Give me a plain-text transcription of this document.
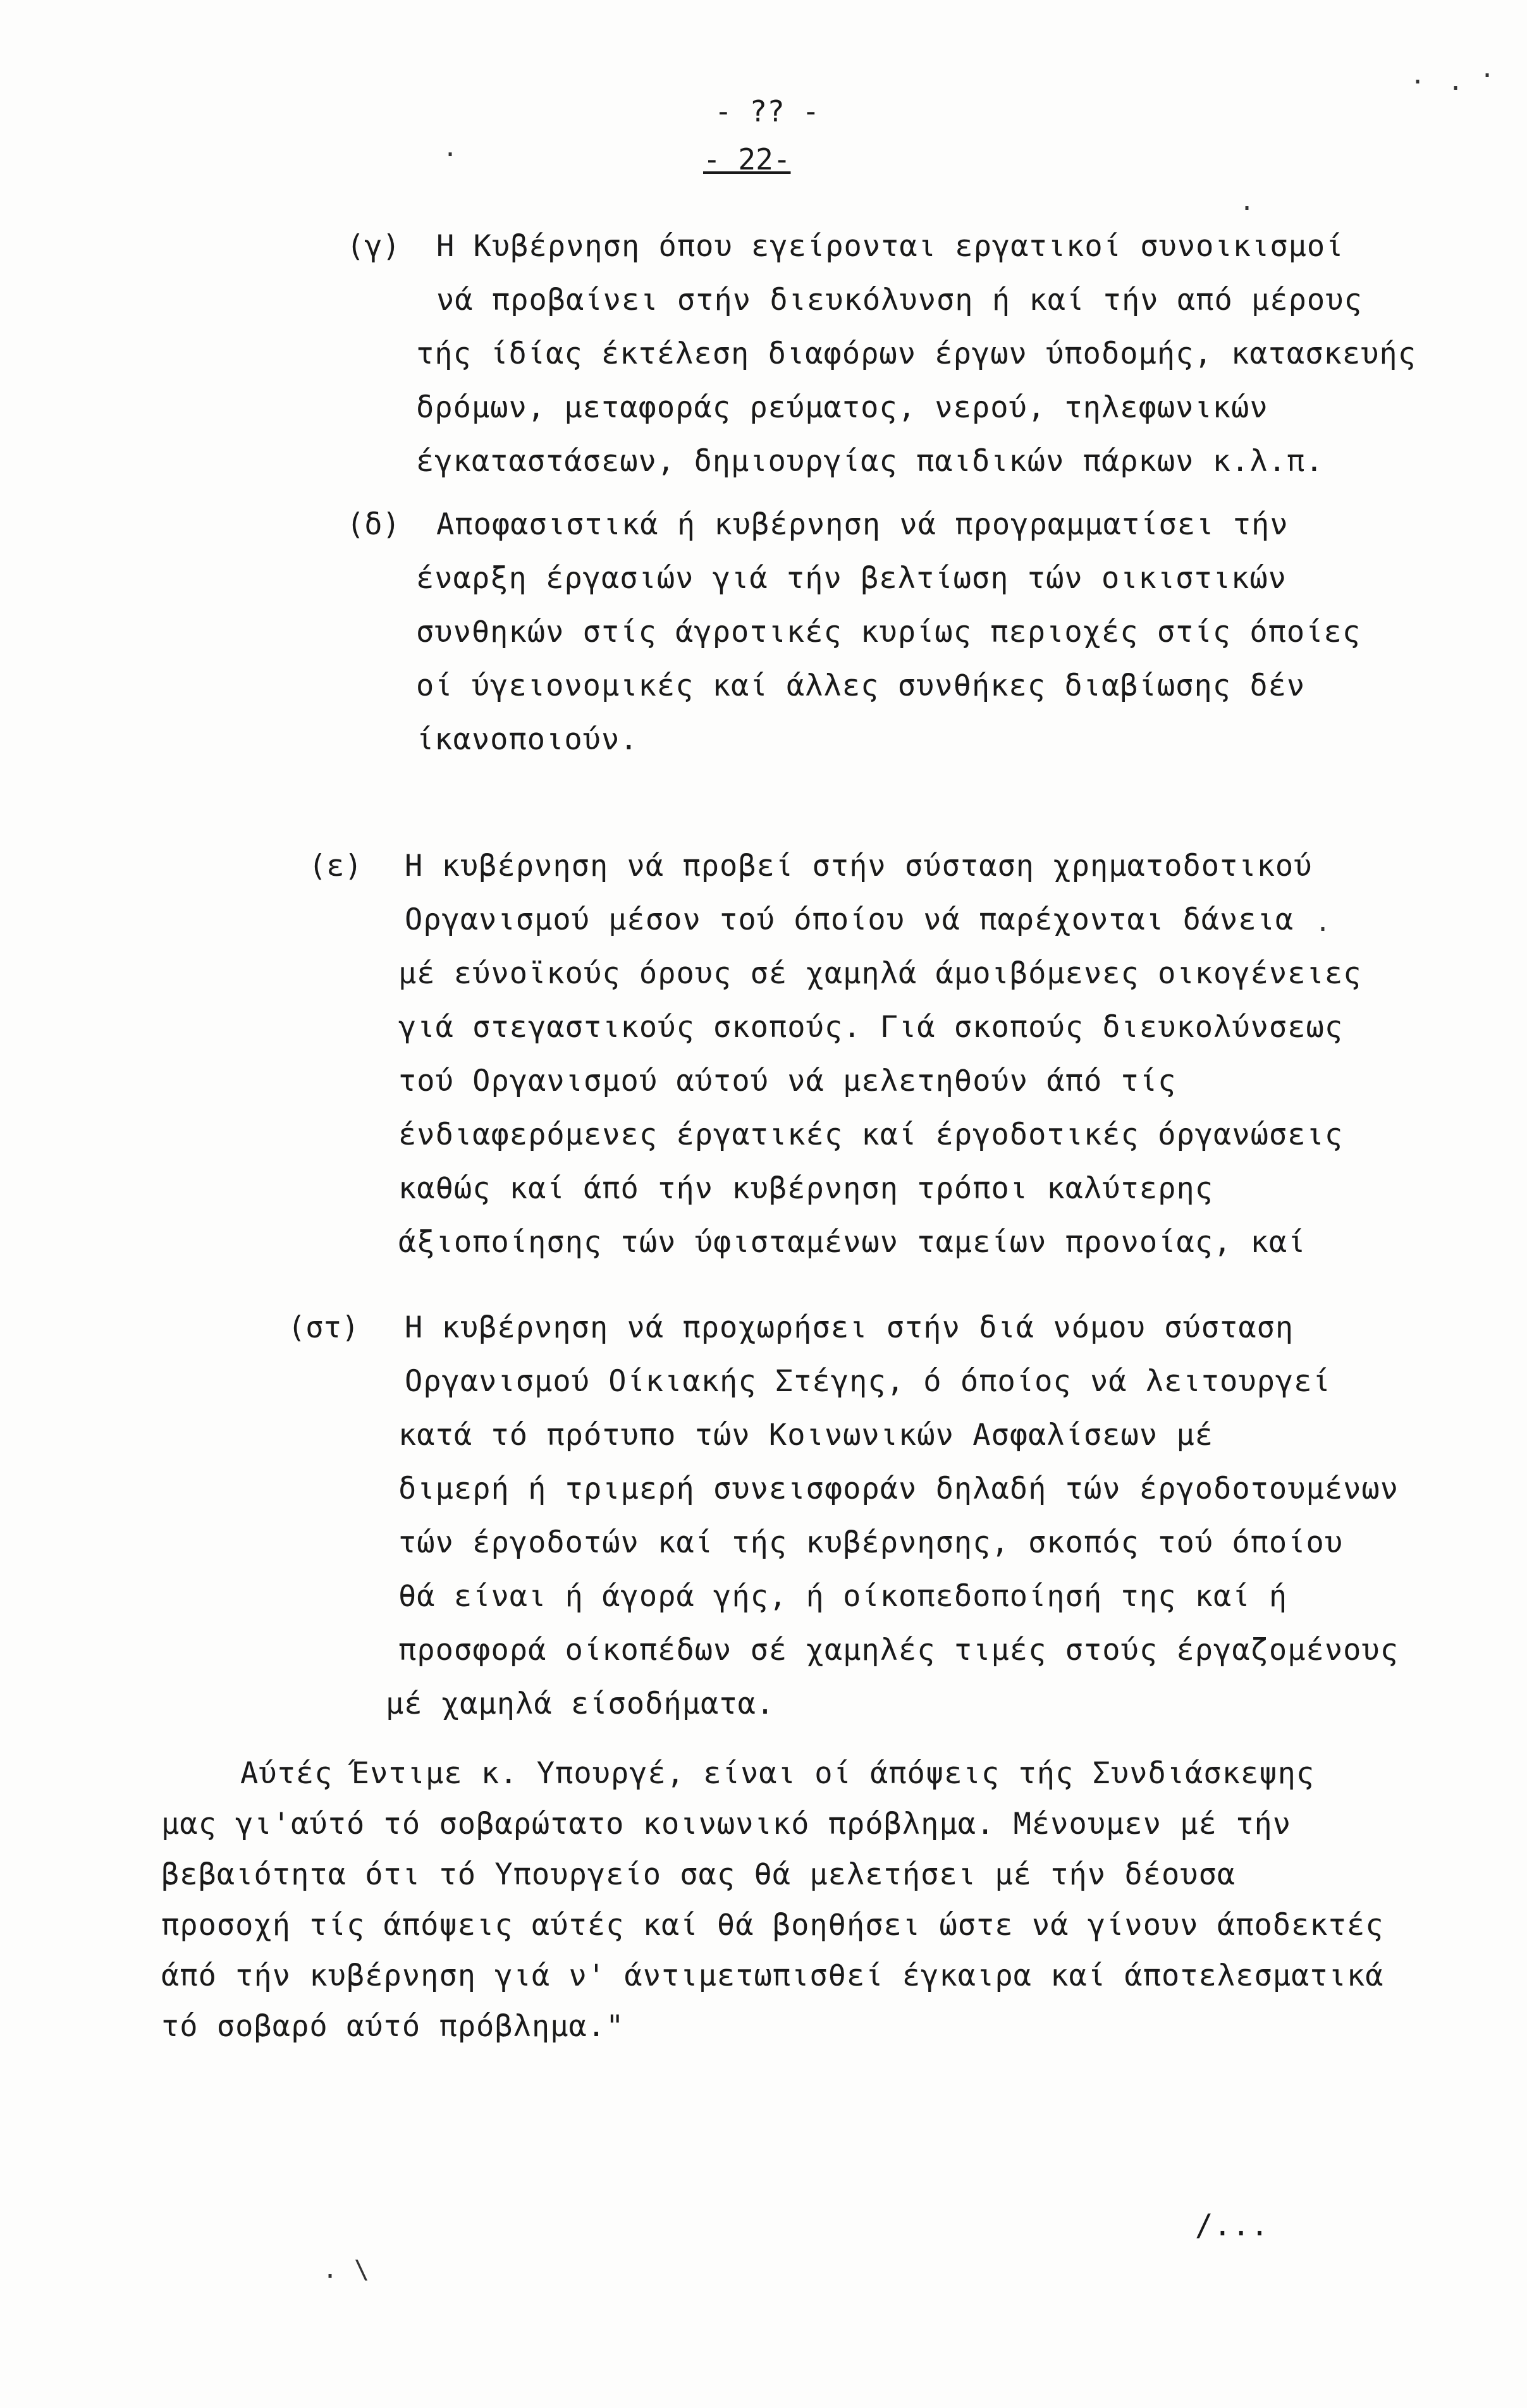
- ?? -
- 22-
(γ) Η Κυβέρνηση όπου εγείρονται εργατικοί συνοικισμοί
νά προβαίνει στήν διευκόλυνση ή καί τήν από μέρους
τής ίδίας έκτέλεση διαφόρων έργων ύποδομής, κατασκευής
δρόμων, μεταφοράς ρεύματος, νερού, τηλεφωνικών
έγκαταστάσεων, δημιουργίας παιδικών πάρκων κ.λ.π.
(δ) Αποφασιστικά ή κυβέρνηση νά προγραμματίσει τήν
έναρξη έργασιών γιά τήν βελτίωση τών οικιστικών
συνθηκών στίς άγροτικές κυρίως περιοχές στίς όποίες
οί ύγειονομικές καί άλλες συνθήκες διαβίωσης δέν
ίκανοποιούν.
(ε) Η κυβέρνηση νά προβεί στήν σύσταση χρηματοδοτικού
Οργανισμού μέσον τού όποίου νά παρέχονται δάνεια
μέ εύνοϊκούς όρους σέ χαμηλά άμοιβόμενες οικογένειες
γιά στεγαστικούς σκοπούς. Γιά σκοπούς διευκολύνσεως
τού Οργανισμού αύτού νά μελετηθούν άπό τίς
ένδιαφερόμενες έργατικές καί έργοδοτικές όργανώσεις
καθώς καί άπό τήν κυβέρνηση τρόποι καλύτερης
άξιοποίησης τών ύφισταμένων ταμείων προνοίας, καί
(στ) Η κυβέρνηση νά προχωρήσει στήν διά νόμου σύσταση
Οργανισμού Οίκιακής Στέγης, ό όποίος νά λειτουργεί
κατά τό πρότυπο τών Κοινωνικών Ασφαλίσεων μέ
διμερή ή τριμερή συνεισφοράν δηλαδή τών έργοδοτουμένων
τών έργοδοτών καί τής κυβέρνησης, σκοπός τού όποίου
θά είναι ή άγορά γής, ή οίκοπεδοποίησή της καί ή
προσφορά οίκοπέδων σέ χαμηλές τιμές στούς έργαζομένους
μέ χαμηλά είσοδήματα.
Αύτές Έντιμε κ. Υπουργέ, είναι οί άπόψεις τής Συνδιάσκεψης
μας γι'αύτό τό σοβαρώτατο κοινωνικό πρόβλημα. Μένουμεν μέ τήν
βεβαιότητα ότι τό Υπουργείο σας θά μελετήσει μέ τήν δέουσα
προσοχή τίς άπόψεις αύτές καί θά βοηθήσει ώστε νά γίνουν άποδεκτές
άπό τήν κυβέρνηση γιά ν' άντιμετωπισθεί έγκαιρα καί άποτελεσματικά
τό σοβαρό αύτό πρόβλημα."
/...
· · ·
·
·
·
· \
